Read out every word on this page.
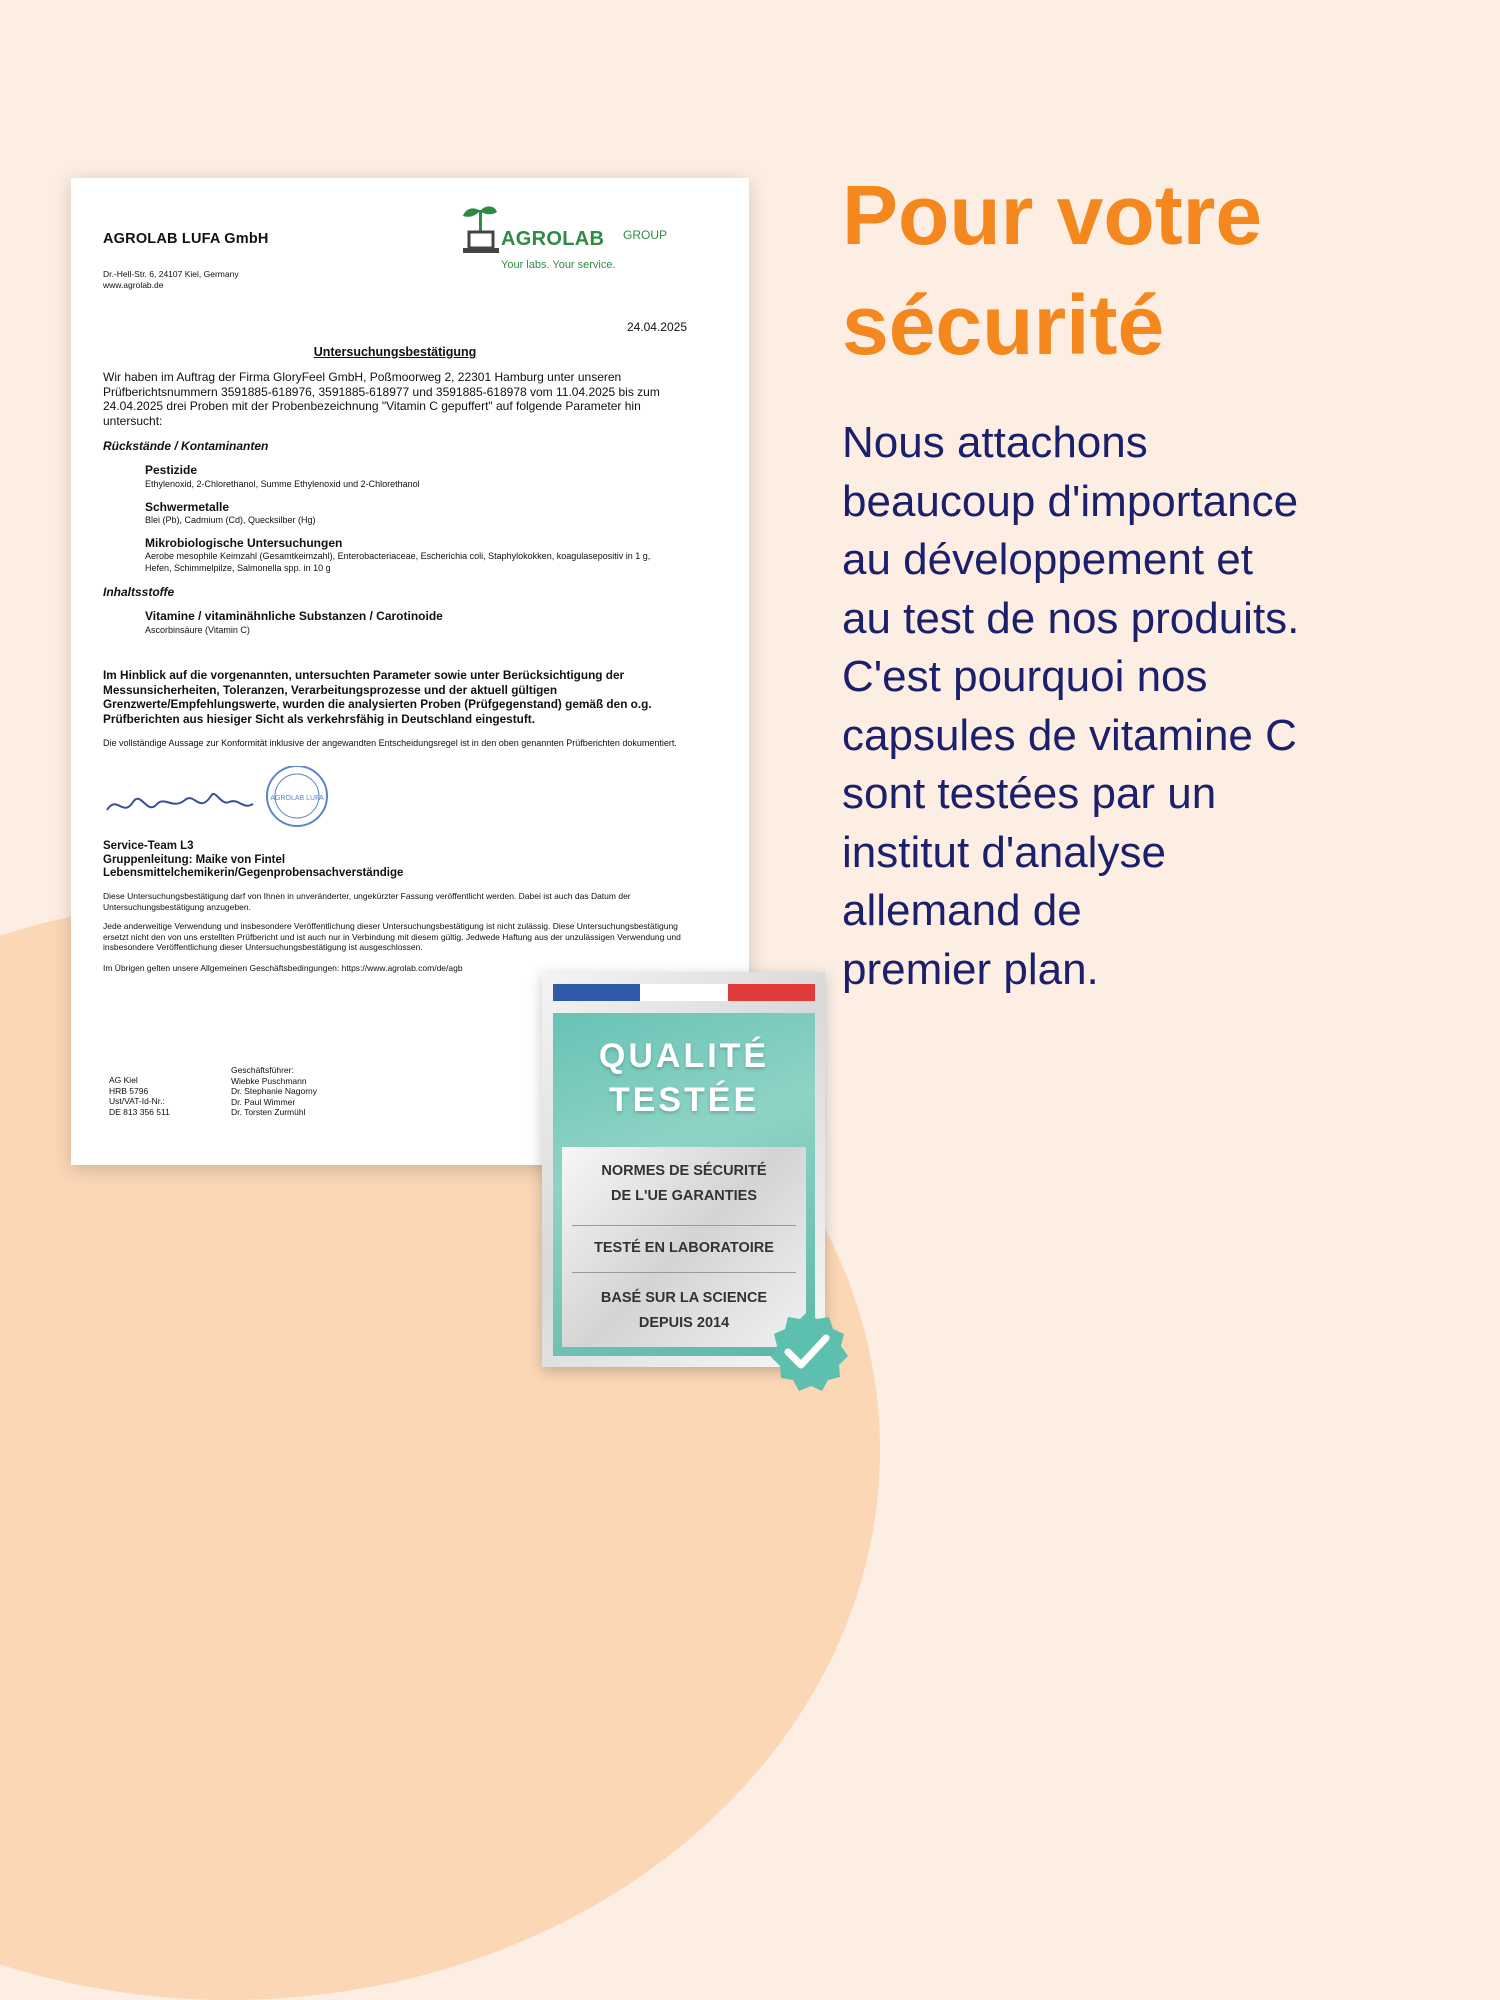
AGROLAB LUFA GmbH
Dr.-Hell-Str. 6, 24107 Kiel, Germany
www.agrolab.de
AGROLAB GROUP
Your labs. Your service.
24.04.2025
Untersuchungsbestätigung
Wir haben im Auftrag der Firma GloryFeel GmbH, Poßmoorweg 2, 22301 Hamburg unter unseren Prüfberichtsnummern 3591885-618976, 3591885-618977 und 3591885-618978 vom 11.04.2025 bis zum 24.04.2025 drei Proben mit der Probenbezeichnung "Vitamin C gepuffert" auf folgende Parameter hin untersucht:
Rückstände / Kontaminanten
Pestizide
Ethylenoxid, 2-Chlorethanol, Summe Ethylenoxid und 2-Chlorethanol
Schwermetalle
Blei (Pb), Cadmium (Cd), Quecksilber (Hg)
Mikrobiologische Untersuchungen
Aerobe mesophile Keimzahl (Gesamtkeimzahl), Enterobacteriaceae, Escherichia coli, Staphylokokken, koagulasepositiv in 1 g, Hefen, Schimmelpilze, Salmonella spp. in 10 g
Inhaltsstoffe
Vitamine / vitaminähnliche Substanzen / Carotinoide
Ascorbinsäure (Vitamin C)
Im Hinblick auf die vorgenannten, untersuchten Parameter sowie unter Berücksichtigung der Messunsicherheiten, Toleranzen, Verarbeitungsprozesse und der aktuell gültigen Grenzwerte/Empfehlungswerte, wurden die analysierten Proben (Prüfgegenstand) gemäß den o.g. Prüfberichten aus hiesiger Sicht als verkehrsfähig in Deutschland eingestuft.
Die vollständige Aussage zur Konformität inklusive der angewandten Entscheidungsregel ist in den oben genannten Prüfberichten dokumentiert.
AGROLAB LUFA
Service-Team L3
Gruppenleitung: Maike von Fintel
Lebensmittelchemikerin/Gegenprobensachverständige
Diese Untersuchungsbestätigung darf von Ihnen in unveränderter, ungekürzter Fassung veröffentlicht werden. Dabei ist auch das Datum der Untersuchungsbestätigung anzugeben.
Jede anderweitige Verwendung und insbesondere Veröffentlichung dieser Untersuchungsbestätigung ist nicht zulässig. Diese Untersuchungsbestätigung ersetzt nicht den von uns erstellten Prüfbericht und ist auch nur in Verbindung mit diesem gültig. Jedwede Haftung aus der unzulässigen Verwendung und insbesondere Veröffentlichung dieser Untersuchungsbestätigung ist ausgeschlossen.
Im Übrigen gelten unsere Allgemeinen Geschäftsbedingungen: https://www.agrolab.com/de/agb
AG Kiel
HRB 5796
Ust/VAT-Id-Nr.:
DE 813 356 511
Geschäftsführer:
Wiebke Puschmann
Dr. Stephanie Nagorny
Dr. Paul Wimmer
Dr. Torsten Zurmühl
QUALITÉ
TESTÉE
NORMES DE SÉCURITÉ
DE L'UE GARANTIES
TESTÉ EN LABORATOIRE
BASÉ SUR LA SCIENCE
DEPUIS 2014
Pour votre
sécurité
Nous attachons
beaucoup d'importance
au développement et
au test de nos produits.
C'est pourquoi nos
capsules de vitamine C
sont testées par un
institut d'analyse
allemand de
premier plan.
